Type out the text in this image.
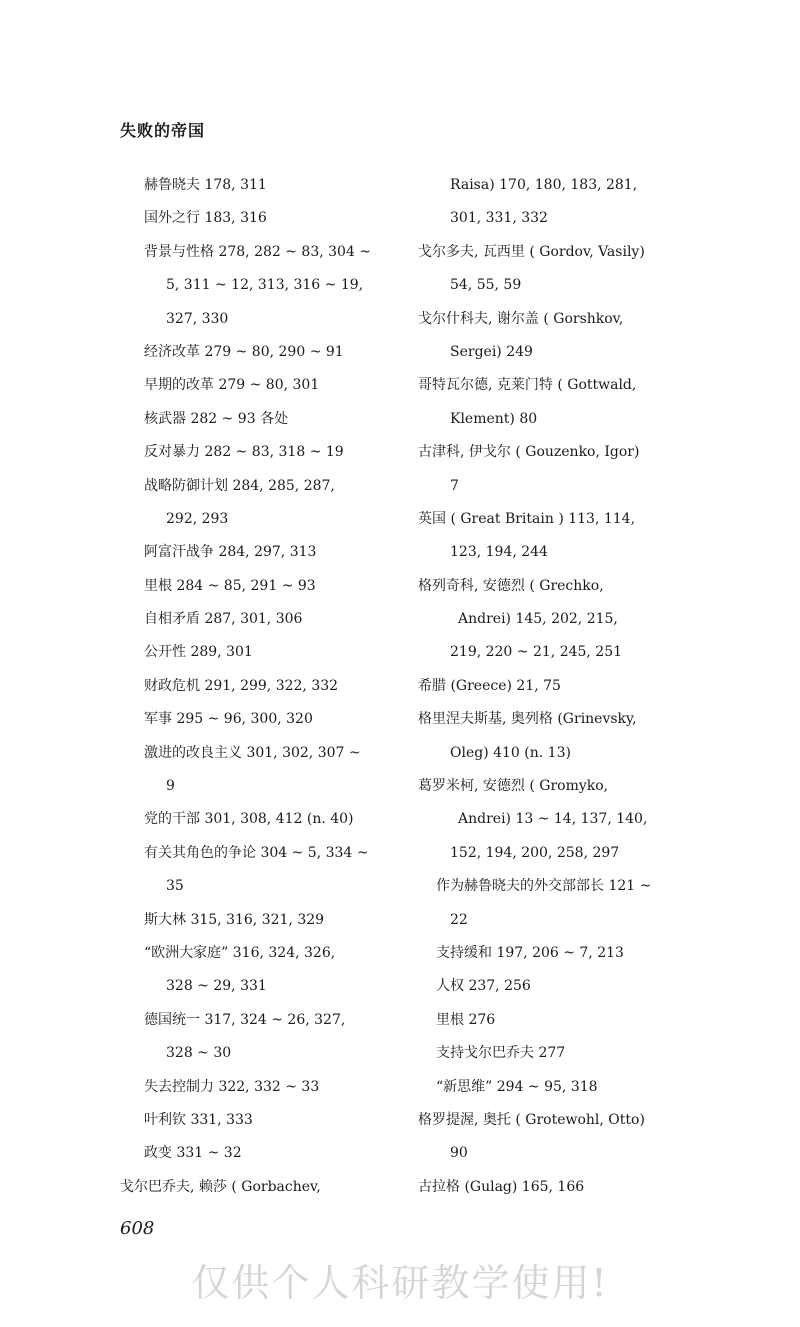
失败的帝国
赫鲁晓夫 178, 311
国外之行 183, 316
背景与性格 278, 282 ~ 83, 304 ~
5, 311 ~ 12, 313, 316 ~ 19,
327, 330
经济改革 279 ~ 80, 290 ~ 91
早期的改革 279 ~ 80, 301
核武器 282 ~ 93 各处
反对暴力 282 ~ 83, 318 ~ 19
战略防御计划 284, 285, 287,
292, 293
阿富汗战争 284, 297, 313
里根 284 ~ 85, 291 ~ 93
自相矛盾 287, 301, 306
公开性 289, 301
财政危机 291, 299, 322, 332
军事 295 ~ 96, 300, 320
激进的改良主义 301, 302, 307 ~
9
党的干部 301, 308, 412 (n. 40)
有关其角色的争论 304 ~ 5, 334 ~
35
斯大林 315, 316, 321, 329
“欧洲大家庭” 316, 324, 326,
328 ~ 29, 331
德国统一 317, 324 ~ 26, 327,
328 ~ 30
失去控制力 322, 332 ~ 33
叶利钦 331, 333
政变 331 ~ 32
戈尔巴乔夫, 赖莎 ( Gorbachev,
Raisa) 170, 180, 183, 281,
301, 331, 332
戈尔多夫, 瓦西里 ( Gordov, Vasily)
54, 55, 59
戈尔什科夫, 谢尔盖 ( Gorshkov,
Sergei) 249
哥特瓦尔德, 克莱门特 ( Gottwald,
Klement) 80
古津科, 伊戈尔 ( Gouzenko, Igor)
7
英国 ( Great Britain ) 113, 114,
123, 194, 244
格列奇科, 安德烈 ( Grechko,
Andrei) 145, 202, 215,
219, 220 ~ 21, 245, 251
希腊 (Greece) 21, 75
格里涅夫斯基, 奥列格 (Grinevsky,
Oleg) 410 (n. 13)
葛罗米柯, 安德烈 ( Gromyko,
Andrei) 13 ~ 14, 137, 140,
152, 194, 200, 258, 297
作为赫鲁晓夫的外交部部长 121 ~
22
支持缓和 197, 206 ~ 7, 213
人权 237, 256
里根 276
支持戈尔巴乔夫 277
“新思维” 294 ~ 95, 318
格罗提渥, 奥托 ( Grotewohl, Otto)
90
古拉格 (Gulag) 165, 166
608
仅供个人科研教学使用!
